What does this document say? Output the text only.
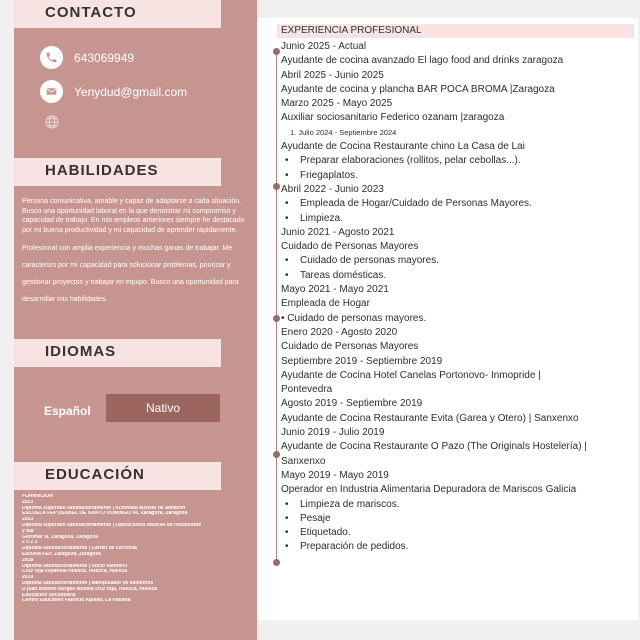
CONTACTO
643069949
Yenydud@gmail.com
HABILIDADES

Persona comunicativa, amable y capaz de adaptarse a cada situación.
Busco una oportunidad laboral en la que demostrar mi compromiso y capacidad de trabajo. En mis empleos anteriores siempre he destacado por mi buena productividad y mi capacidad de aprender rápidamente.

Profesional con amplia experiencia y muchas ganas de trabajar. Me caracterizo por mi capacidad para solucionar problemas, priorizar y gestionar proyectos y trabajar en equipo. Busco una oportunidad para desarrollar mis habilidades.

IDIOMAS
Español	Nativo
EDUCACIÓN
FORMACIÓN
2023
Diploma superado satisfactoriamente | Actividad auxiliar de almacén
ESCUELA FEP (ISABEL DE SANTO DOMINGO 04, Zaragoza, Zaragoza
2023
Diploma superado satisfactoriamente | Operaciones básicas de restaurante
y bar
Glorimar sl, Zaragoza, Zaragoza
2 0 2 3
Diploma satisfactoriamente | Carnet de carretilla
Escuela FEP, Zaragoza, Zaragoza
2018
Diploma satisfactoriamente | Socio sanitario
Cruz roja española Huesca, Huesca, Huesca
2019
Diploma satisfactoriamente | Manipulador de alimentos
D juan antonio Berges lacueta cruz roja, Huesca, Huesca
Educación Secundaria
Centro Educativo Fabricio Aguilar, La Habana
EXPERIENCIA PROFESIONAL
Junio 2025 - Actual
Ayudante de cocina avanzado El lago food and drinks zaragoza
Abril 2025 - Junio 2025
Ayudante de cocina y plancha BAR POCA BROMA |Zaragoza
Marzo 2025 - Mayo 2025
Auxiliar sociosanitario Federico ozanam |zaragoza
1. Julio 2024 - Septiembre 2024
Ayudante de Cocina Restaurante chino La Casa de Lai
• Preparar elaboraciones (rollitos, pelar cebollas...).
• Friegaplatos.
Abril 2022 - Junio 2023
• Empleada de Hogar/Cuidado de Personas Mayores.
• Limpieza.
Junio 2021 - Agosto 2021
Cuidado de Personas Mayores
• Cuidado de personas mayores.
• Tareas domésticas.
Mayo 2021 - Mayo 2021
Empleada de Hogar
• Cuidado de personas mayores.
Enero 2020 - Agosto 2020
Cuidado de Personas Mayores
Septiembre 2019 - Septiembre 2019
Ayudante de Cocina Hotel Canelas Portonovo- Inmopride |
Pontevedra
Agosto 2019 - Septiembre 2019
Ayudante de Cocina Restaurante Evita (Garea y Otero) | Sanxenxo
Junio 2019 - Julio 2019
Ayudante de Cocina Restaurante O Pazo (The Originals Hostelería) |
Sanxenxo
Mayo 2019 - Mayo 2019
Operador en Industria Alimentaria Depuradora de Mariscos Galicia
• Limpieza de mariscos.
• Pesaje
• Etiquetado.
• Preparación de pedidos.
